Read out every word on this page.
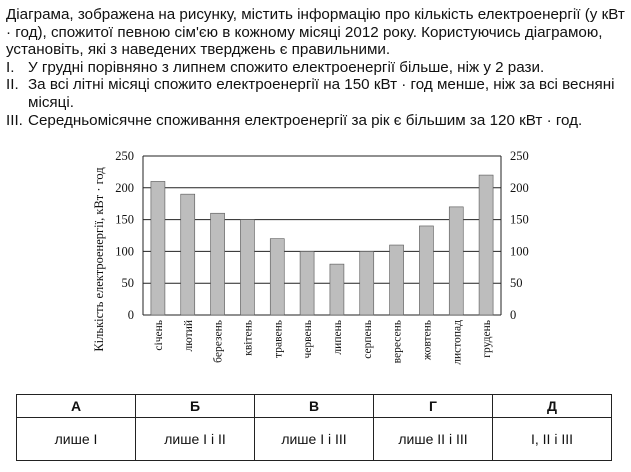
Діаграма, зображена на рисунку, містить інформацію про кількість електроенергії (у кВт · год), спожитої певною сім'єю в кожному місяці 2012 року. Користуючись діаграмою, установіть, які з наведених тверджень є правильними.

I. У грудні порівняно з липнем спожито електроенергії більше, ніж у 2 рази.
II. За всі літні місяці спожито електроенергії на 150 кВт · год менше, ніж за всі весняні місяці.
III. Середньомісячне споживання електроенергії за рік є більшим за 120 кВт · год.
0	0
50	50
100	100
150	150
200	200
250	250
січень лютий березень квітень травень червень липень серпень вересень жовтень листопад грудень
Кількість електроенергії, кВт · год
А	Б	В	Г	Д
лише I	лише I і II	лише I і III	лише II і III	I, II і III
